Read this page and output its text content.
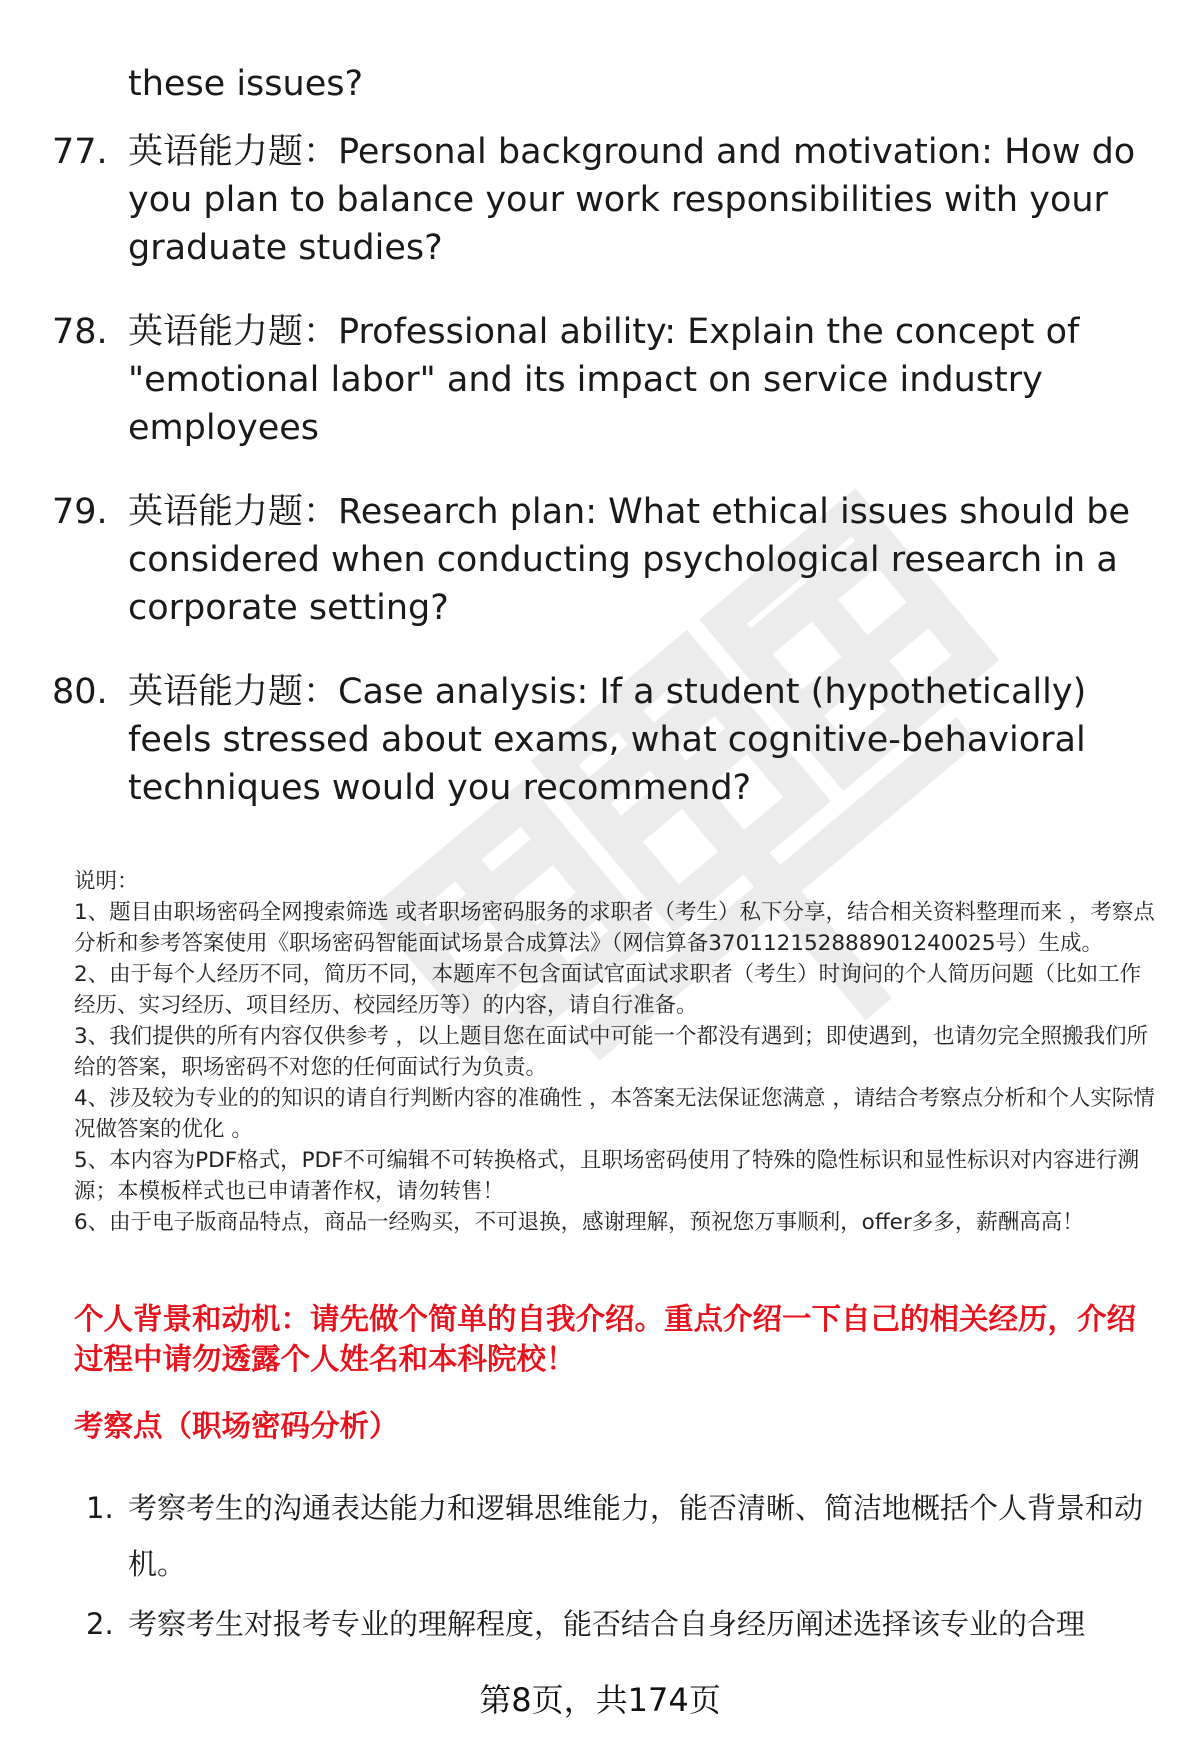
these issues?

77. 英语能力题：Personal background and motivation: How do you plan to balance your work responsibilities with your graduate studies?
78. 英语能力题：Professional ability: Explain the concept of "emotional labor" and its impact on service industry employees
79. 英语能力题：Research plan: What ethical issues should be considered when conducting psychological research in a corporate setting?
80. 英语能力题：Case analysis: If a student (hypothetically) feels stressed about exams, what cognitive-behavioral techniques would you recommend?

说明：

1、题目由职场密码全网搜索筛选 或者职场密码服务的求职者（考生）私下分享，结合相关资料整理而来 ，考察点分析和参考答案使用《职场密码智能面试场景合成算法》（网信算备370112152888901240025号）生成。

2、由于每个人经历不同，简历不同，本题库不包含面试官面试求职者（考生）时询问的个人简历问题（比如工作经历、实习经历、项目经历、校园经历等）的内容，请自行准备。

3、我们提供的所有内容仅供参考 ，以上题目您在面试中可能一个都没有遇到；即使遇到，也请勿完全照搬我们所给的答案，职场密码不对您的任何面试行为负责。

4、涉及较为专业的的知识的请自行判断内容的准确性 ，本答案无法保证您满意 ，请结合考察点分析和个人实际情况做答案的优化 。

5、本内容为PDF格式，PDF不可编辑不可转换格式，且职场密码使用了特殊的隐性标识和显性标识对内容进行溯源；本模板样式也已申请著作权，请勿转售！

6、由于电子版商品特点，商品一经购买，不可退换，感谢理解，预祝您万事顺利，offer多多，薪酬高高！

个人背景和动机：请先做个简单的自我介绍。重点介绍一下自己的相关经历，介绍过程中请勿透露个人姓名和本科院校！
考察点（职场密码分析）
1. 考察考生的沟通表达能力和逻辑思维能力，能否清晰、简洁地概括个人背景和动机。
2. 考察考生对报考专业的理解程度，能否结合自身经历阐述选择该专业的合理
第8页，共174页
